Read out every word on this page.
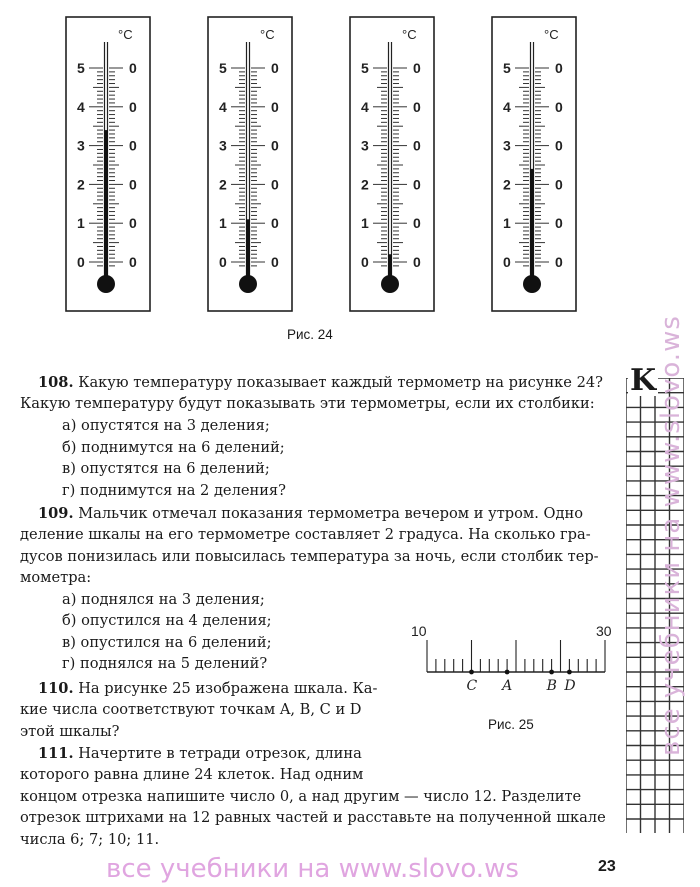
°C
5	0
4	0
3	0
2	0
1	0
0	0
°C
5	0
4	0
3	0
2	0
1	0
0	0
°C
5	0
4	0
3	0
2	0
1	0
0	0
°C
5	0
4	0
3	0
2	0
1	0
0	0
Рис. 24
K все учебники на www.slovo.ws
108. Какую температуру показывает каждый термометр на рисунке 24?
Какую температуру будут показывать эти термометры, если их столбики:
а) опустятся на 3 деления;
б) поднимутся на 6 делений;
в) опустятся на 6 делений;
г) поднимутся на 2 деления?
109. Мальчик отмечал показания термометра вечером и утром. Одно
деление шкалы на его термометре составляет 2 градуса. На сколько гра-
дусов понизилась или повысилась температура за ночь, если столбик тер-
мометра:
а) поднялся на 3 деления;
б) опустился на 4 деления;
в) опустился на 6 делений;
г) поднялся на 5 делений?
110. На рисунке 25 изображена шкала. Ка-
кие числа соответствуют точкам A, B, C и D
этой шкалы?
111. Начертите в тетради отрезок, длина
которого равна длине 24 клеток. Над одним
концом отрезка напишите число 0, а над другим — число 12. Разделите
отрезок штрихами на 12 равных частей и расставьте на полученной шкале
числа 6; 7; 10; 11.
10	30
C A B D
Рис. 25
все учебники на www.slovo.ws	23
